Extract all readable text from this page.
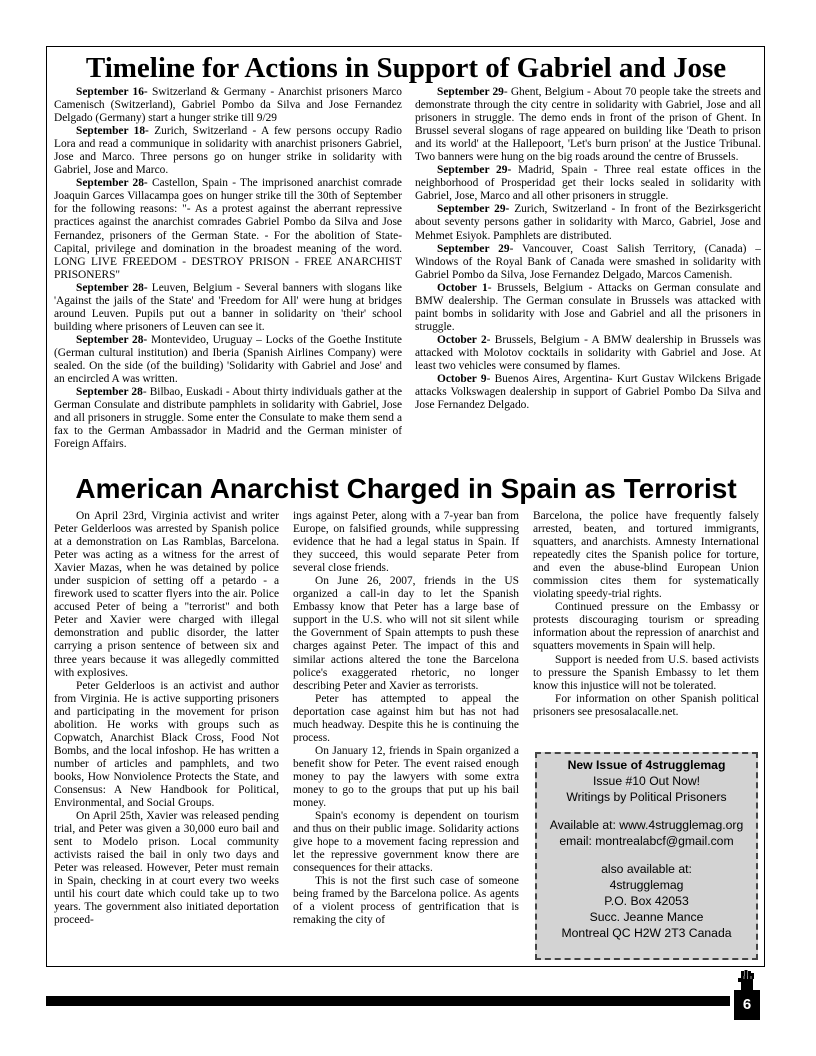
Timeline for Actions in Support of Gabriel and Jose

September 16- Switzerland & Germany - Anarchist prisoners Marco Camenisch (Switzerland), Gabriel Pombo da Silva and Jose Fernandez Delgado (Germany) start a hunger strike till 9/29

September 18- Zurich, Switzerland - A few persons occupy Radio Lora and read a communique in solidarity with anarchist prisoners Gabriel, Jose and Marco. Three persons go on hunger strike in solidarity with Gabriel, Jose and Marco.

September 28- Castellon, Spain - The imprisoned anarchist comrade Joaquin Garces Villacampa goes on hunger strike till the 30th of September for the following reasons: "- As a protest against the aberrant repressive practices against the anarchist comrades Gabriel Pombo da Silva and Jose Fernandez, prisoners of the German State. - For the abolition of State-Capital, privilege and domination in the broadest meaning of the word. LONG LIVE FREEDOM - DESTROY PRISON - FREE ANARCHIST PRISONERS"

September 28- Leuven, Belgium - Several banners with slogans like 'Against the jails of the State' and 'Freedom for All' were hung at bridges around Leuven. Pupils put out a banner in solidarity on 'their' school building where prisoners of Leuven can see it.

September 28- Montevideo, Uruguay – Locks of the Goethe Institute (German cultural institution) and Iberia (Spanish Airlines Company) were sealed. On the side (of the building) 'Solidarity with Gabriel and Jose' and an encircled A was written.

September 28- Bilbao, Euskadi - About thirty individuals gather at the German Consulate and distribute pamphlets in solidarity with Gabriel, Jose and all prisoners in struggle. Some enter the Consulate to make them send a fax to the German Ambassador in Madrid and the German minister of Foreign Affairs.

September 29- Ghent, Belgium - About 70 people take the streets and demonstrate through the city centre in solidarity with Gabriel, Jose and all prisoners in struggle. The demo ends in front of the prison of Ghent. In Brussel several slogans of rage appeared on building like 'Death to prison and its world' at the Hallepoort, 'Let's burn prison' at the Justice Tribunal. Two banners were hung on the big roads around the centre of Brussels.

September 29- Madrid, Spain - Three real estate offices in the neighborhood of Prosperidad get their locks sealed in solidarity with Gabriel, Jose, Marco and all other prisoners in struggle.

September 29- Zurich, Switzerland - In front of the Bezirksgericht about seventy persons gather in solidarity with Marco, Gabriel, Jose and Mehmet Esiyok. Pamphlets are distributed.

September 29- Vancouver, Coast Salish Territory, (Canada) – Windows of the Royal Bank of Canada were smashed in solidarity with Gabriel Pombo da Silva, Jose Fernandez Delgado, Marcos Camenish.

October 1- Brussels, Belgium - Attacks on German consulate and BMW dealership. The German consulate in Brussels was attacked with paint bombs in solidarity with Jose and Gabriel and all the prisoners in struggle.

October 2- Brussels, Belgium - A BMW dealership in Brussels was attacked with Molotov cocktails in solidarity with Gabriel and Jose. At least two vehicles were consumed by flames.

October 9- Buenos Aires, Argentina- Kurt Gustav Wilckens Brigade attacks Volkswagen dealership in support of Gabriel Pombo Da Silva and Jose Fernandez Delgado.

American Anarchist Charged in Spain as Terrorist

On April 23rd, Virginia activist and writer Peter Gelderloos was arrested by Spanish police at a demonstration on Las Ramblas, Barcelona. Peter was acting as a witness for the arrest of Xavier Mazas, when he was detained by police under suspicion of setting off a petardo - a firework used to scatter flyers into the air. Police accused Peter of being a "terrorist" and both Peter and Xavier were charged with illegal demonstration and public disorder, the latter carrying a prison sentence of between six and three years because it was allegedly committed with explosives.

Peter Gelderloos is an activist and author from Virginia. He is active supporting prisoners and participating in the movement for prison abolition. He works with groups such as Copwatch, Anarchist Black Cross, Food Not Bombs, and the local infoshop. He has written a number of articles and pamphlets, and two books, How Nonviolence Protects the State, and Consensus: A New Handbook for Political, Environmental, and Social Groups.

On April 25th, Xavier was released pending trial, and Peter was given a 30,000 euro bail and sent to Modelo prison. Local community activists raised the bail in only two days and Peter was released. However, Peter must remain in Spain, checking in at court every two weeks until his court date which could take up to two years. The government also initiated deportation proceed-

ings against Peter, along with a 7-year ban from Europe, on falsified grounds, while suppressing evidence that he had a legal status in Spain. If they succeed, this would separate Peter from several close friends.

On June 26, 2007, friends in the US organized a call-in day to let the Spanish Embassy know that Peter has a large base of support in the U.S. who will not sit silent while the Government of Spain attempts to push these charges against Peter. The impact of this and similar actions altered the tone the Barcelona police's exaggerated rhetoric, no longer describing Peter and Xavier as terrorists.

Peter has attempted to appeal the deportation case against him but has not had much headway. Despite this he is continuing the process.

On January 12, friends in Spain organized a benefit show for Peter. The event raised enough money to pay the lawyers with some extra money to go to the groups that put up his bail money.

Spain's economy is dependent on tourism and thus on their public image. Solidarity actions give hope to a movement facing repression and let the repressive government know there are consequences for their attacks.

This is not the first such case of someone being framed by the Barcelona police. As agents of a violent process of gentrification that is remaking the city of

Barcelona, the police have frequently falsely arrested, beaten, and tortured immigrants, squatters, and anarchists. Amnesty International repeatedly cites the Spanish police for torture, and even the abuse-blind European Union commission cites them for systematically violating speedy-trial rights.

Continued pressure on the Embassy or protests discouraging tourism or spreading information about the repression of anarchist and squatters movements in Spain will help.

Support is needed from U.S. based activists to pressure the Spanish Embassy to let them know this injustice will not be tolerated.

For information on other Spanish political prisoners see presosalacalle.net.

New Issue of 4strugglemag
Issue #10 Out Now!
Writings by Political Prisoners
Available at: www.4strugglemag.org
email: montrealabcf@gmail.com
also available at:
4strugglemag
P.O. Box 42053
Succ. Jeanne Mance
Montreal QC H2W 2T3 Canada
6
